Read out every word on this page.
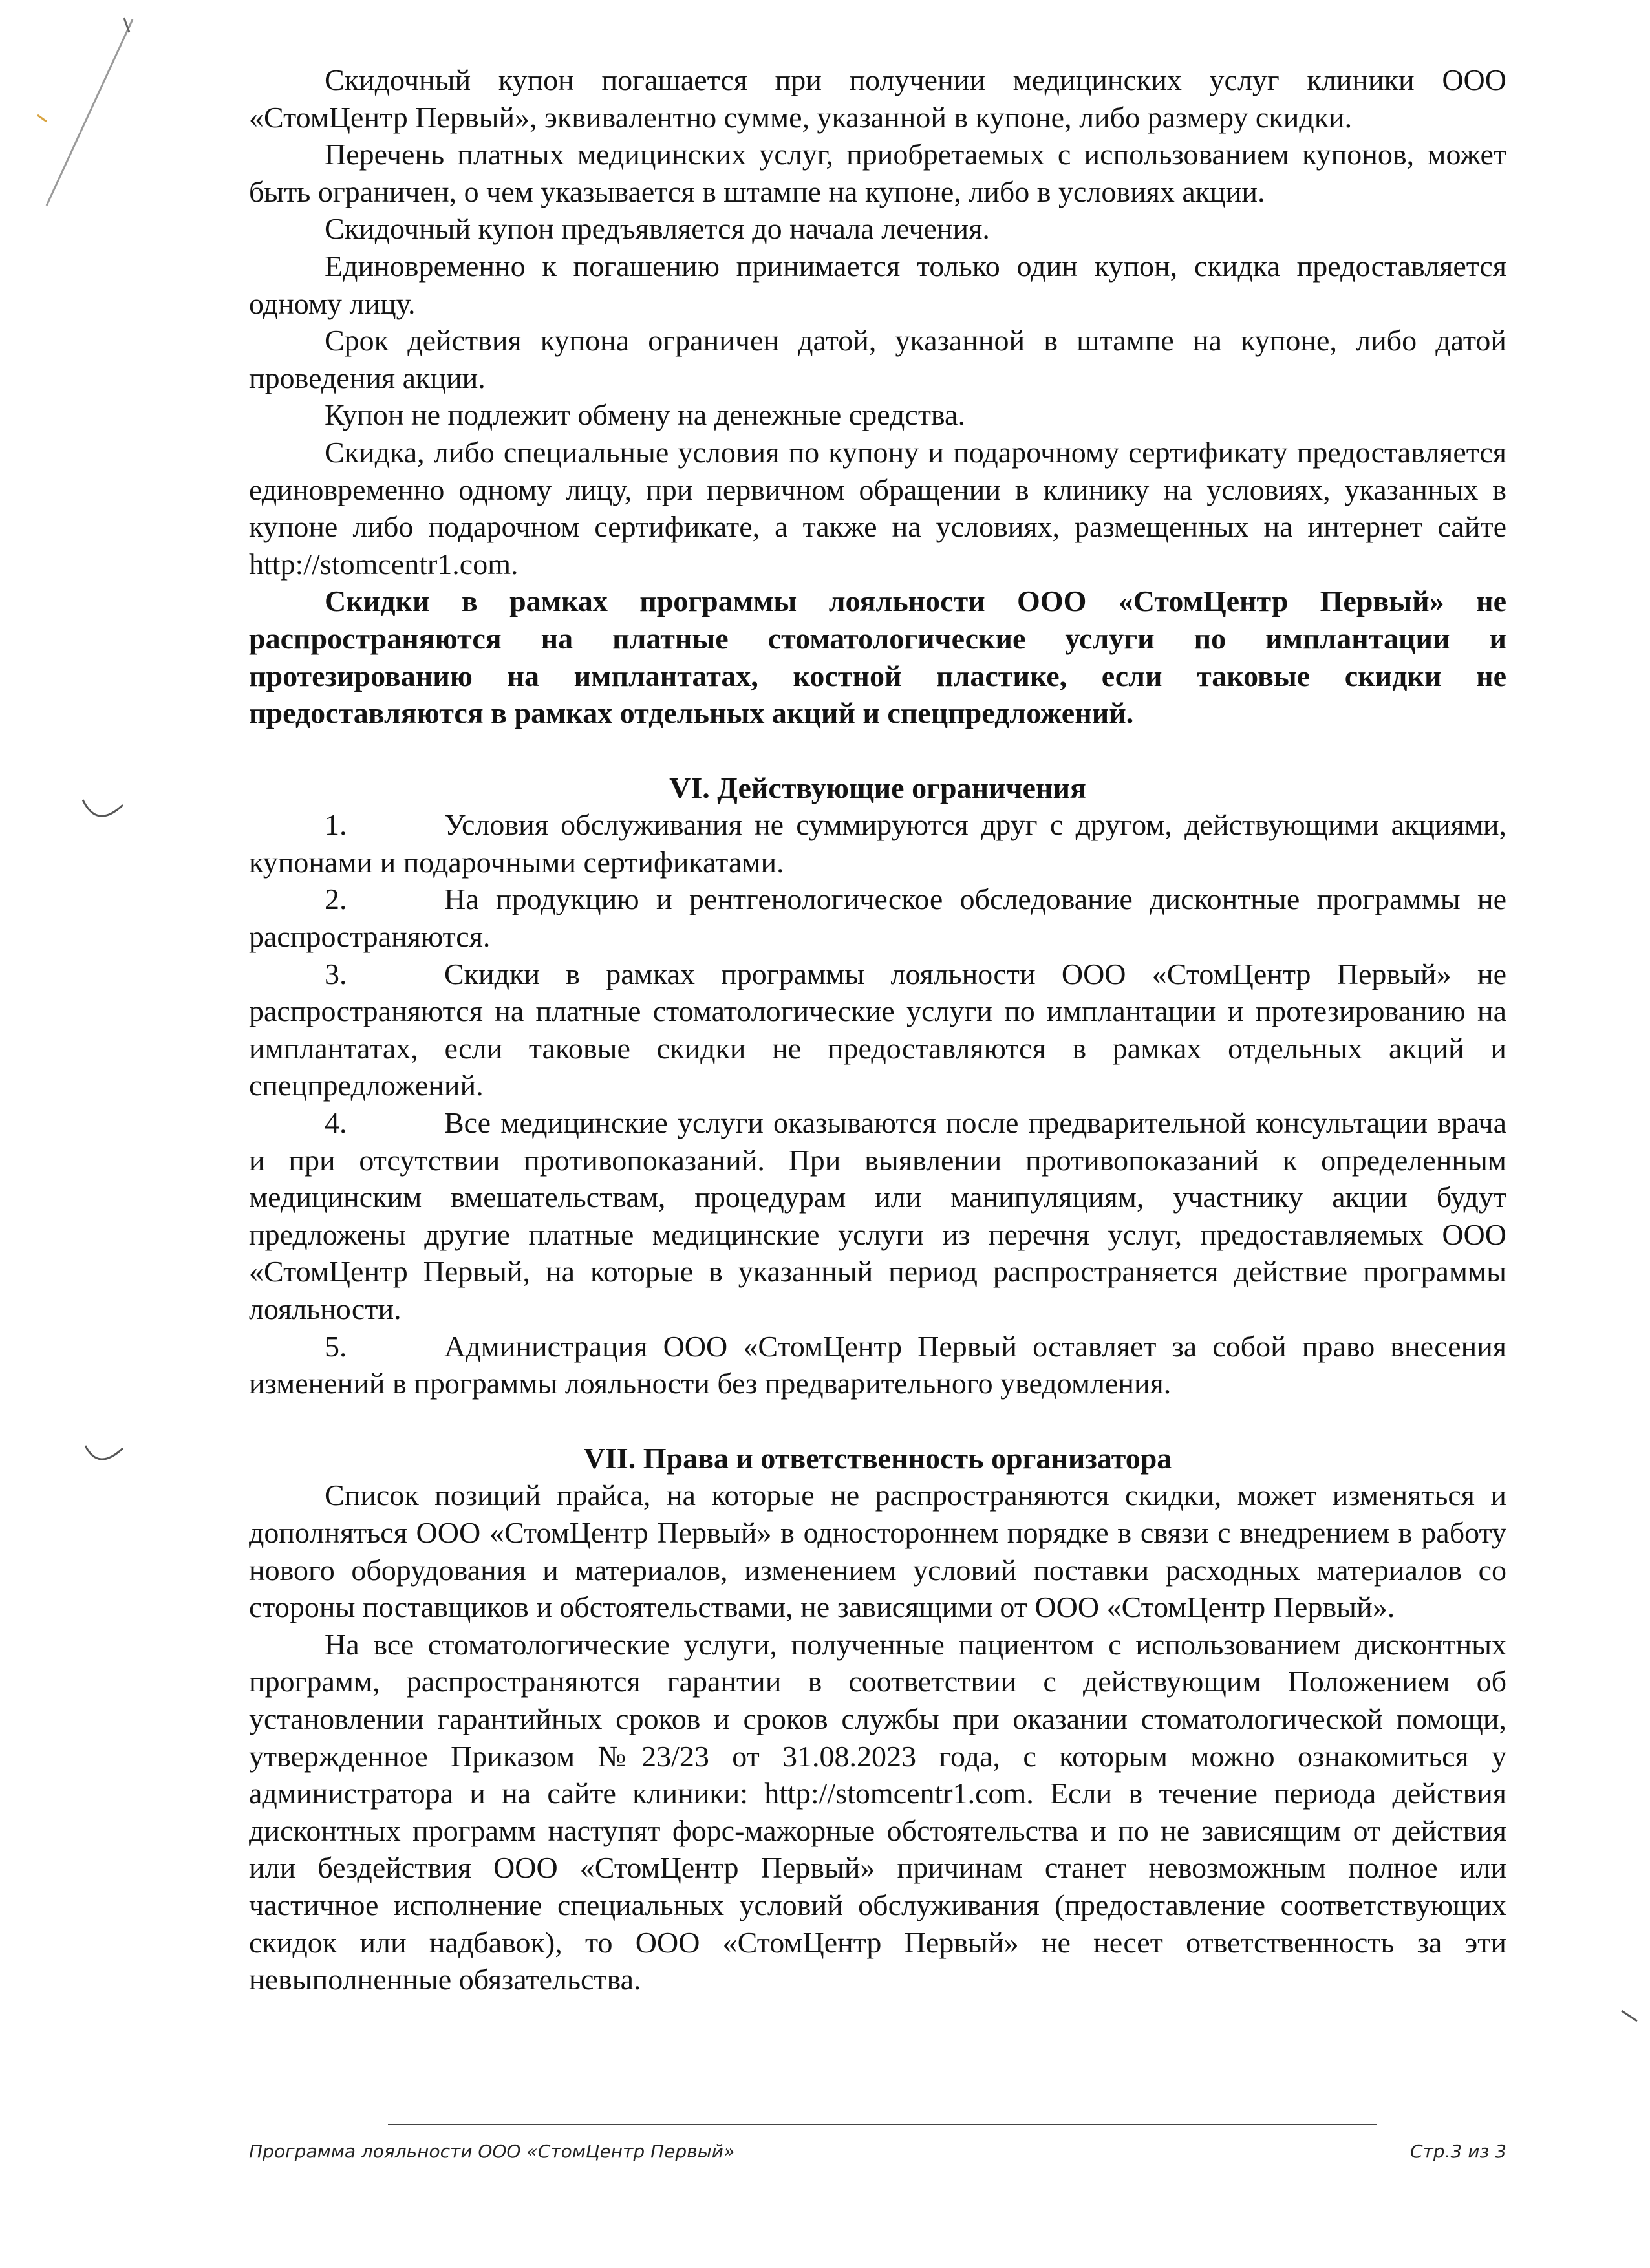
Скидочный купон погашается при получении медицинских услуг клиники ООО «СтомЦентр Первый», эквивалентно сумме, указанной в купоне, либо размеру скидки.

Перечень платных медицинских услуг, приобретаемых с использованием купонов, может быть ограничен, о чем указывается в штампе на купоне, либо в условиях акции.

Скидочный купон предъявляется до начала лечения.

Единовременно к погашению принимается только один купон, скидка предоставляется одному лицу.

Срок действия купона ограничен датой, указанной в штампе на купоне, либо датой проведения акции.

Купон не подлежит обмену на денежные средства.

Скидка, либо специальные условия по купону и подарочному сертификату предоставляется единовременно одному лицу, при первичном обращении в клинику на условиях, указанных в купоне либо подарочном сертификате, а также на условиях, размещенных на интернет сайте http://stomcentr1.com.

Скидки в рамках программы лояльности ООО «СтомЦентр Первый» не распространяются на платные стоматологические услуги по имплантации и протезированию на имплантатах, костной пластике, если таковые скидки не предоставляются в рамках отдельных акций и спецпредложений.

VI. Действующие ограничения

1.	Условия обслуживания не суммируются друг с другом, действующими акциями, купонами и подарочными сертификатами.

2.	На продукцию и рентгенологическое обследование дисконтные программы не распространяются.

3.	Скидки в рамках программы лояльности ООО «СтомЦентр Первый» не распространяются на платные стоматологические услуги по имплантации и протезированию на имплантатах, если таковые скидки не предоставляются в рамках отдельных акций и спецпредложений.

4.	Все медицинские услуги оказываются после предварительной консультации врача и при отсутствии противопоказаний. При выявлении противопоказаний к определенным медицинским вмешательствам, процедурам или манипуляциям, участнику акции будут предложены другие платные медицинские услуги из перечня услуг, предоставляемых ООО «СтомЦентр Первый, на которые в указанный период распространяется действие программы лояльности.

5.	Администрация ООО «СтомЦентр Первый оставляет за собой право внесения изменений в программы лояльности без предварительного уведомления.

VII. Права и ответственность организатора

Список позиций прайса, на которые не распространяются скидки, может изменяться и дополняться ООО «СтомЦентр Первый» в одностороннем порядке в связи с внедрением в работу нового оборудования и материалов, изменением условий поставки расходных материалов со стороны поставщиков и обстоятельствами, не зависящими от ООО «СтомЦентр Первый».

На все стоматологические услуги, полученные пациентом с использованием дисконтных программ, распространяются гарантии в соответствии с действующим Положением об установлении гарантийных сроков и сроков службы при оказании стоматологической помощи, утвержденное Приказом №23/23 от 31.08.2023 года, с которым можно ознакомиться у администратора и на сайте клиники: http://stomcentr1.com. Если в течение периода действия дисконтных программ наступят форс-мажорные обстоятельства и по не зависящим от действия или бездействия ООО «СтомЦентр Первый» причинам станет невозможным полное или частичное исполнение специальных условий обслуживания (предоставление соответствующих скидок или надбавок), то ООО «СтомЦентр Первый» не несет ответственность за эти невыполненные обязательства.

Программа лояльности ООО «СтомЦентр Первый»	Стр.3 из 3
